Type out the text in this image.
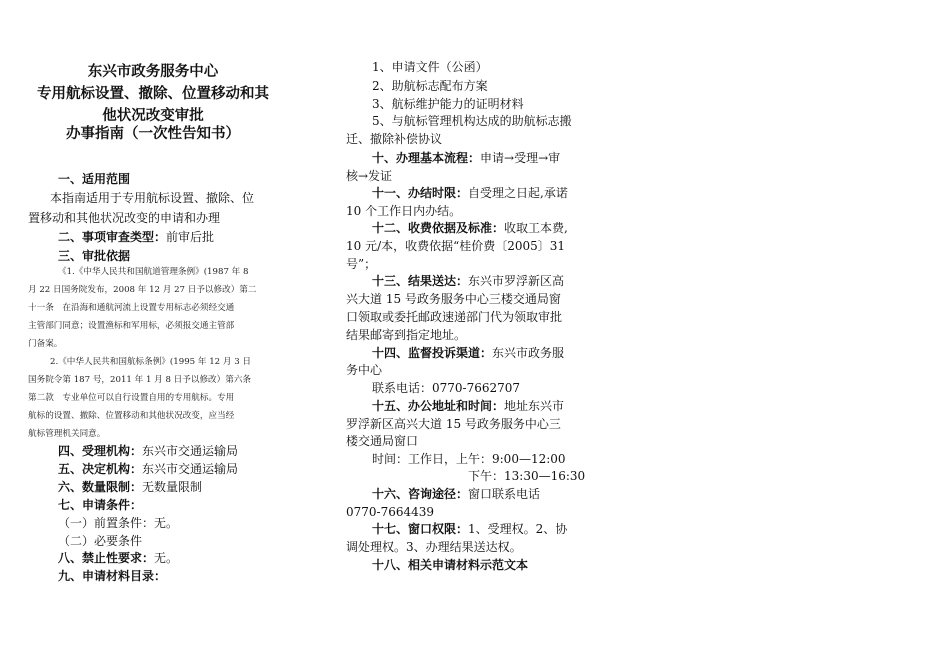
东兴市政务服务中心
专用航标设置、撤除、位置移动和其
他状况改变审批
办事指南（一次性告知书）
一、适用范围
本指南适用于专用航标设置、撤除、位
置移动和其他状况改变的申请和办理
二、事项审查类型：前审后批
三、审批依据
《1.《中华人民共和国航道管理条例》(1987 年 8
月 22 日国务院发布，2008 年 12 月 27 日予以修改）第二
十一条　在沿海和通航河流上设置专用标志必须经交通
主管部门同意；设置渔标和军用标，必须报交通主管部
门备案。
2.《中华人民共和国航标条例》(1995 年 12 月 3 日
国务院令第 187 号，2011 年 1 月 8 日予以修改）第六条
第二款　专业单位可以自行设置自用的专用航标。专用
航标的设置、撤除、位置移动和其他状况改变，应当经
航标管理机关同意。
四、受理机构：东兴市交通运输局
五、决定机构：东兴市交通运输局
六、数量限制：无数量限制
七、申请条件：
（一）前置条件：无。
（二）必要条件
八、禁止性要求：无。
九、申请材料目录：
1、申请文件（公函）
2、助航标志配布方案
3、航标维护能力的证明材料
5、与航标管理机构达成的助航标志搬
迁、撤除补偿协议
十、办理基本流程：申请→受理→审
核→发证
十一、办结时限：自受理之日起,承诺
10 个工作日内办结。
十二、收费依据及标准：收取工本费,
10 元/本，收费依据“桂价费〔2005〕31
号”；
十三、结果送达：东兴市罗浮新区高
兴大道 15 号政务服务中心三楼交通局窗
口领取或委托邮政速递部门代为领取审批
结果邮寄到指定地址。
十四、监督投诉渠道：东兴市政务服
务中心
联系电话：0770-7662707
十五、办公地址和时间：地址东兴市
罗浮新区高兴大道 15 号政务服务中心三
楼交通局窗口
时间：工作日，上午：9:00—12:00
下午：13:30—16:30
十六、咨询途径：窗口联系电话
0770-7664439
十七、窗口权限：1、受理权。2、协
调处理权。3、办理结果送达权。
十八、相关申请材料示范文本
